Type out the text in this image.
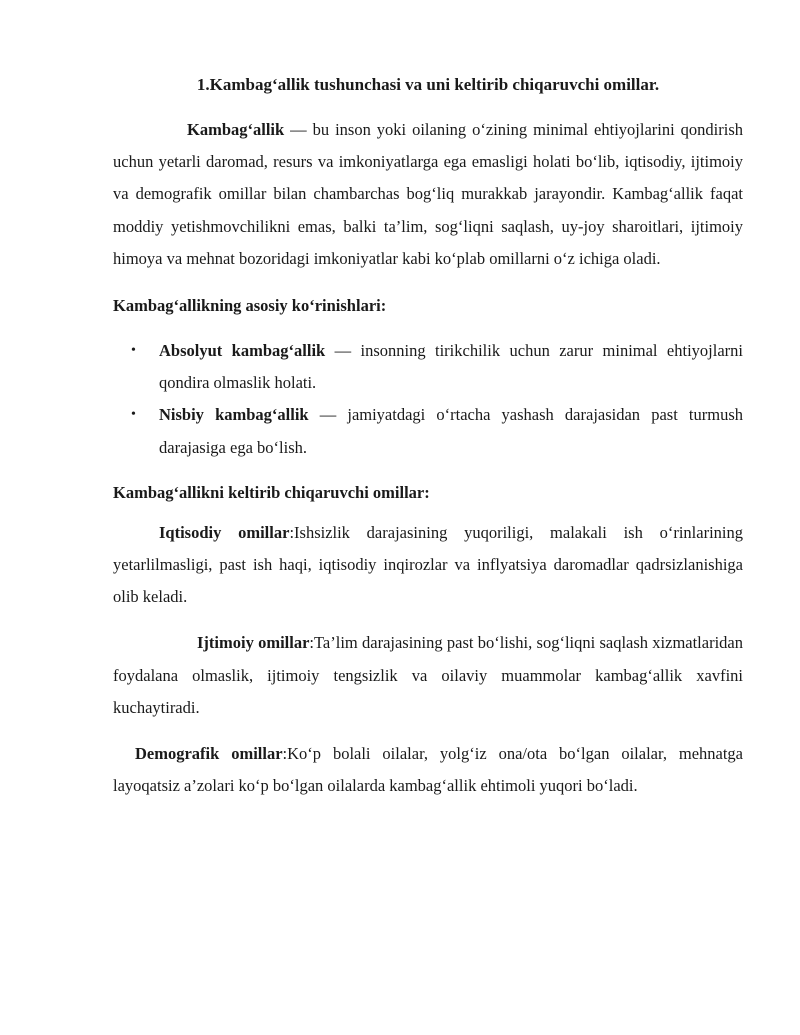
1.Kambag‘allik tushunchasi va uni keltirib chiqaruvchi omillar.

Kambag‘allik — bu inson yoki oilaning o‘zining minimal ehtiyojlarini qondirish uchun yetarli daromad, resurs va imkoniyatlarga ega emasligi holati bo‘lib, iqtisodiy, ijtimoiy va demografik omillar bilan chambarchas bog‘liq murakkab jarayondir. Kambag‘allik faqat moddiy yetishmovchilikni emas, balki ta’lim, sog‘liqni saqlash, uy-joy sharoitlari, ijtimoiy himoya va mehnat bozoridagi imkoniyatlar kabi ko‘plab omillarni o‘z ichiga oladi.

Kambag‘allikning asosiy ko‘rinishlari:
• Absolyut kambag‘allik — insonning tirikchilik uchun zarur minimal ehtiyojlarni qondira olmaslik holati.
• Nisbiy kambag‘allik — jamiyatdagi o‘rtacha yashash darajasidan past turmush darajasiga ega bo‘lish.
Kambag‘allikni keltirib chiqaruvchi omillar:

Iqtisodiy omillar:Ishsizlik darajasining yuqoriligi, malakali ish o‘rinlarining yetarlilmasligi, past ish haqi, iqtisodiy inqirozlar va inflyatsiya daromadlar qadrsizlanishiga olib keladi.

Ijtimoiy omillar:Ta’lim darajasining past bo‘lishi, sog‘liqni saqlash xizmatlaridan foydalana olmaslik, ijtimoiy tengsizlik va oilaviy muammolar kambag‘allik xavfini kuchaytiradi.

Demografik omillar:Ko‘p bolali oilalar, yolg‘iz ona/ota bo‘lgan oilalar, mehnatga layoqatsiz a’zolari ko‘p bo‘lgan oilalarda kambag‘allik ehtimoli yuqori bo‘ladi.
